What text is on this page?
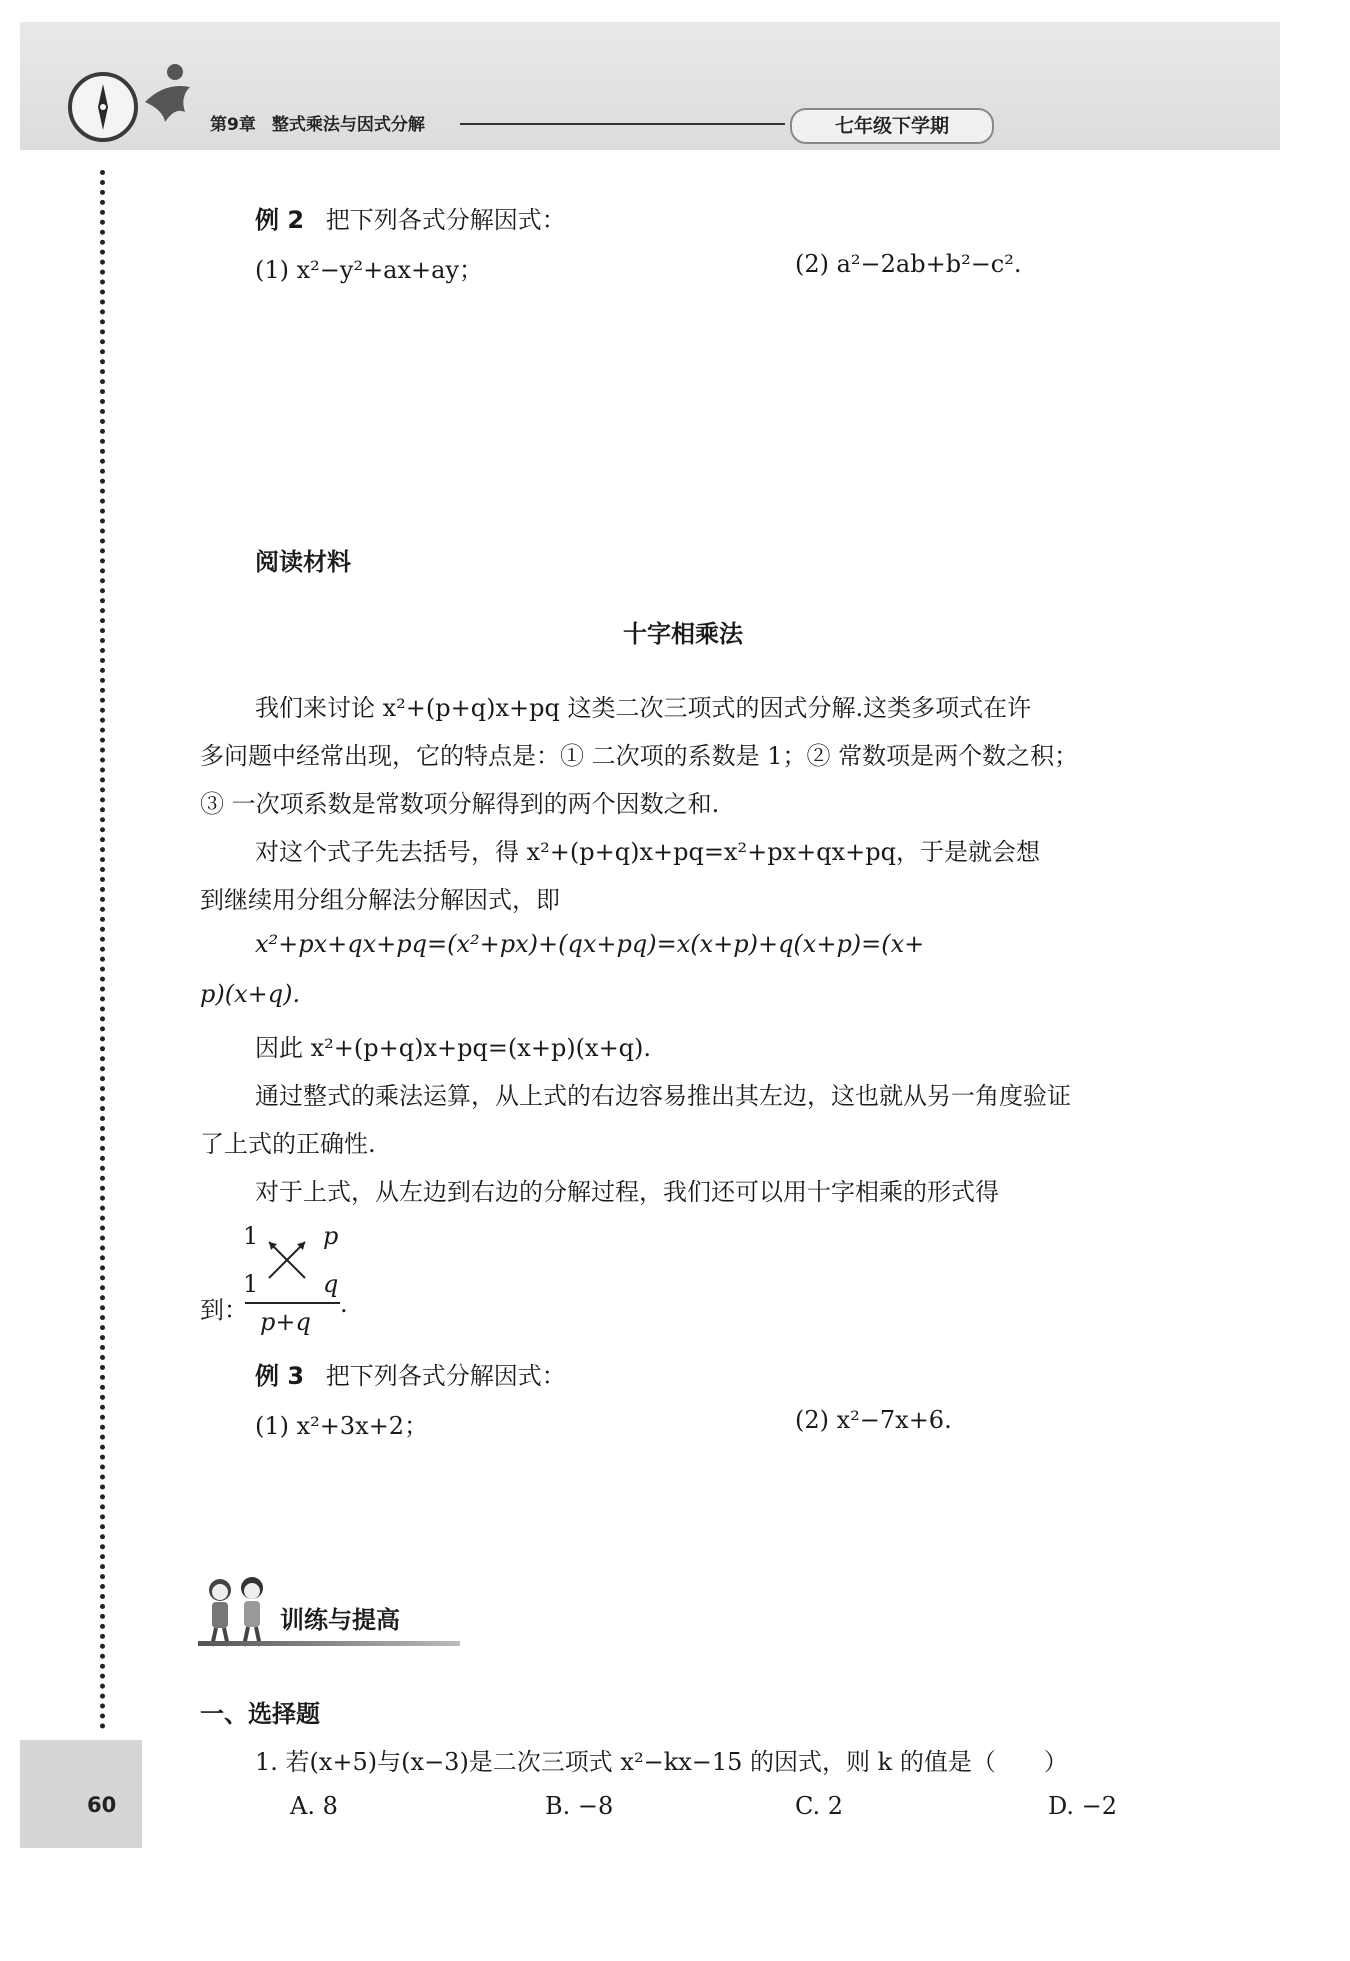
第9章 整式乘法与因式分解	七年级下学期
例 2 把下列各式分解因式：
(1) x²−y²+ax+ay；	(2) a²−2ab+b²−c².
阅读材料
十字相乘法
我们来讨论 x²+(p+q)x+pq 这类二次三项式的因式分解.这类多项式在许
多问题中经常出现，它的特点是：① 二次项的系数是 1；② 常数项是两个数之积；
③ 一次项系数是常数项分解得到的两个因数之和.
对这个式子先去括号，得 x²+(p+q)x+pq=x²+px+qx+pq，于是就会想
到继续用分组分解法分解因式，即
x²+px+qx+pq=(x²+px)+(qx+pq)=x(x+p)+q(x+p)=(x+
p)(x+q).
因此 x²+(p+q)x+pq=(x+p)(x+q).
通过整式的乘法运算，从上式的右边容易推出其左边，这也就从另一角度验证
了上式的正确性.
对于上式，从左边到右边的分解过程，我们还可以用十字相乘的形式得
1	p
1	q
到：	.
p+q
例 3 把下列各式分解因式：
(1) x²+3x+2；	(2) x²−7x+6.
训练与提高
一、选择题
1. 若(x+5)与(x−3)是二次三项式 x²−kx−15 的因式，则 k 的值是（　　）
A. 8	B. −8	C. 2	D. −2
60
